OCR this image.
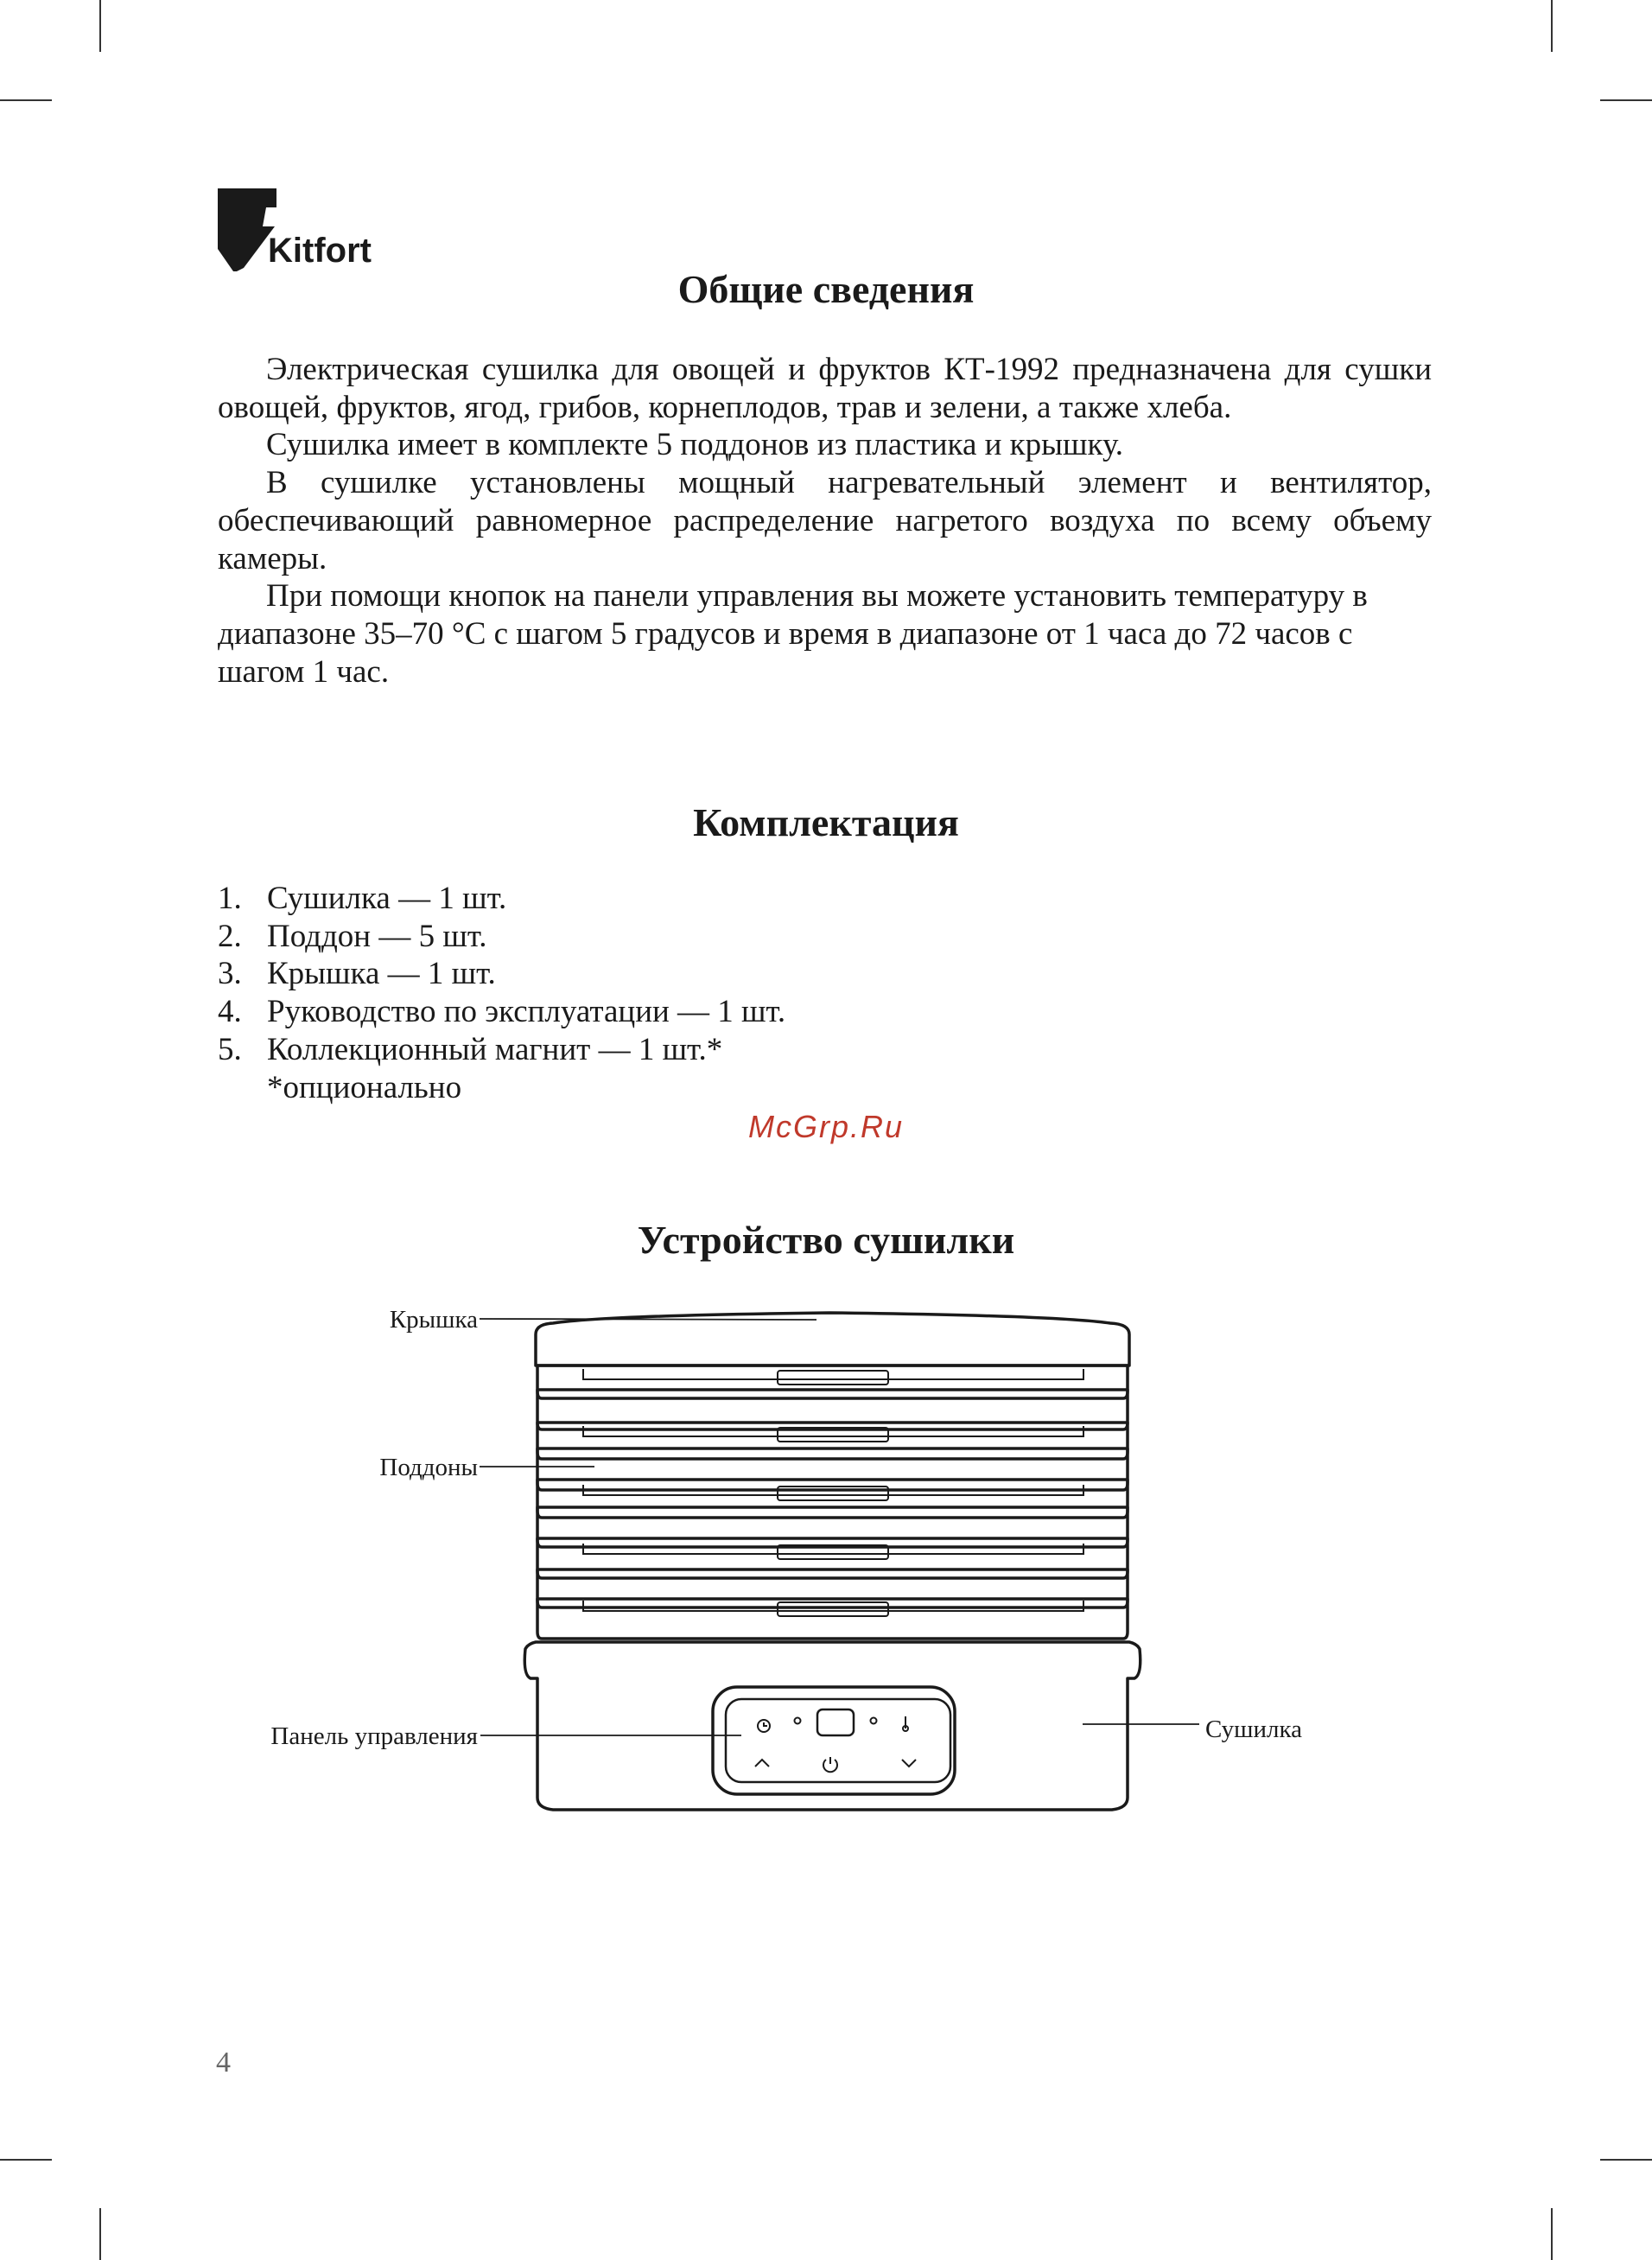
Kitfort
Общие сведения

Электрическая сушилка для овощей и фруктов КТ-1992 предназначена для сушки овощей, фруктов, ягод, грибов, корнеплодов, трав и зелени, а также хлеба.

Сушилка имеет в комплекте 5 поддонов из пластика и крышку.

В сушилке установлены мощный нагревательный элемент и вентилятор, обеспечивающий равномерное распределение нагретого воздуха по всему объему камеры.

При помощи кнопок на панели управления вы можете установить температуру в диапазоне 35–70 °C с шагом 5 градусов и время в диапазоне от 1 часа до 72 часов с шагом 1 час.

Комплектация
1. Сушилка — 1 шт.
2. Поддон — 5 шт.
3. Крышка — 1 шт.
4. Руководство по эксплуатации — 1 шт.
5. Коллекционный магнит — 1 шт.*
*опционально
McGrp.Ru
Устройство сушилки
Крышка
Поддоны
Панель управления	Сушилка
4
